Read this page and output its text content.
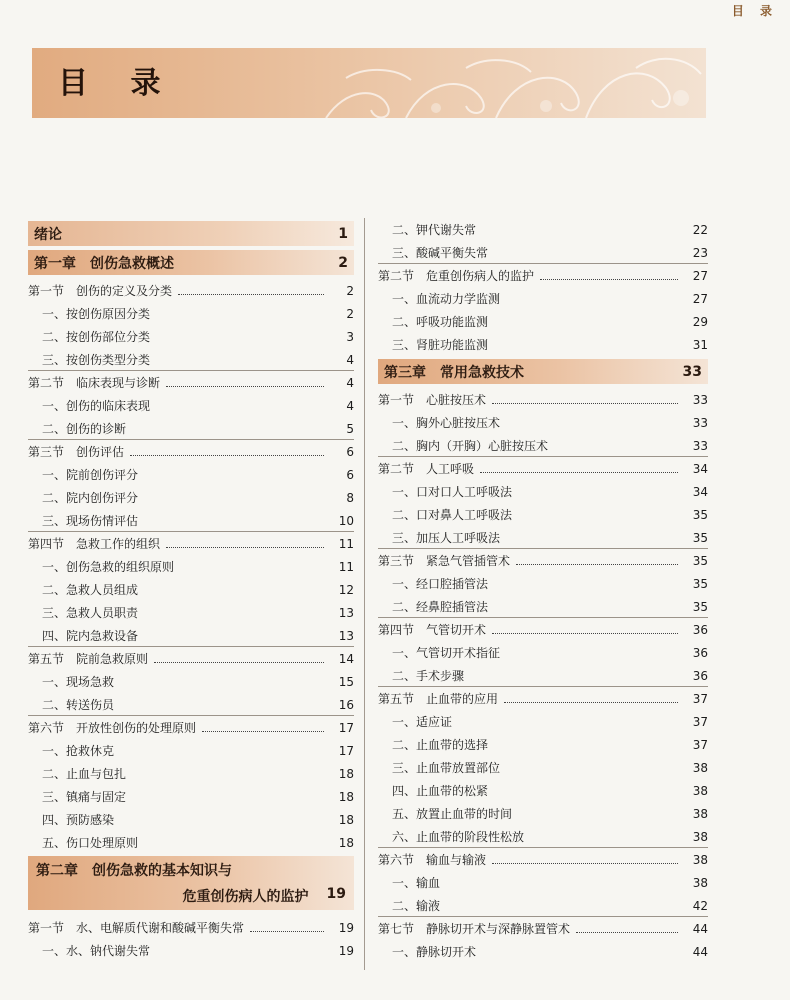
目 录
目 录
绪论	1
第一章 创伤急救概述	2
第一节　创伤的定义及分类	2
一、按创伤原因分类	2
二、按创伤部位分类	3
三、按创伤类型分类	4
第二节　临床表现与诊断	4
一、创伤的临床表现	4
二、创伤的诊断	5
第三节　创伤评估	6
一、院前创伤评分	6
二、院内创伤评分	8
三、现场伤情评估	10
第四节　急救工作的组织	11
一、创伤急救的组织原则	11
二、急救人员组成	12
三、急救人员职责	13
四、院内急救设备	13
第五节　院前急救原则	14
一、现场急救	15
二、转送伤员	16
第六节　开放性创伤的处理原则	17
一、抢救休克	17
二、止血与包扎	18
三、镇痛与固定	18
四、预防感染	18
五、伤口处理原则	18
第二章 创伤急救的基本知识与
危重创伤病人的监护 19
第一节　水、电解质代谢和酸碱平衡失常	19
一、水、钠代谢失常	19
二、钾代谢失常	22
三、酸碱平衡失常	23
第二节　危重创伤病人的监护	27
一、血流动力学监测	27
二、呼吸功能监测	29
三、肾脏功能监测	31
第三章 常用急救技术	33
第一节　心脏按压术	33
一、胸外心脏按压术	33
二、胸内（开胸）心脏按压术	33
第二节　人工呼吸	34
一、口对口人工呼吸法	34
二、口对鼻人工呼吸法	35
三、加压人工呼吸法	35
第三节　紧急气管插管术	35
一、经口腔插管法	35
二、经鼻腔插管法	35
第四节　气管切开术	36
一、气管切开术指征	36
二、手术步骤	36
第五节　止血带的应用	37
一、适应证	37
二、止血带的选择	37
三、止血带放置部位	38
四、止血带的松紧	38
五、放置止血带的时间	38
六、止血带的阶段性松放	38
第六节　输血与输液	38
一、输血	38
二、输液	42
第七节　静脉切开术与深静脉置管术	44
一、静脉切开术	44
